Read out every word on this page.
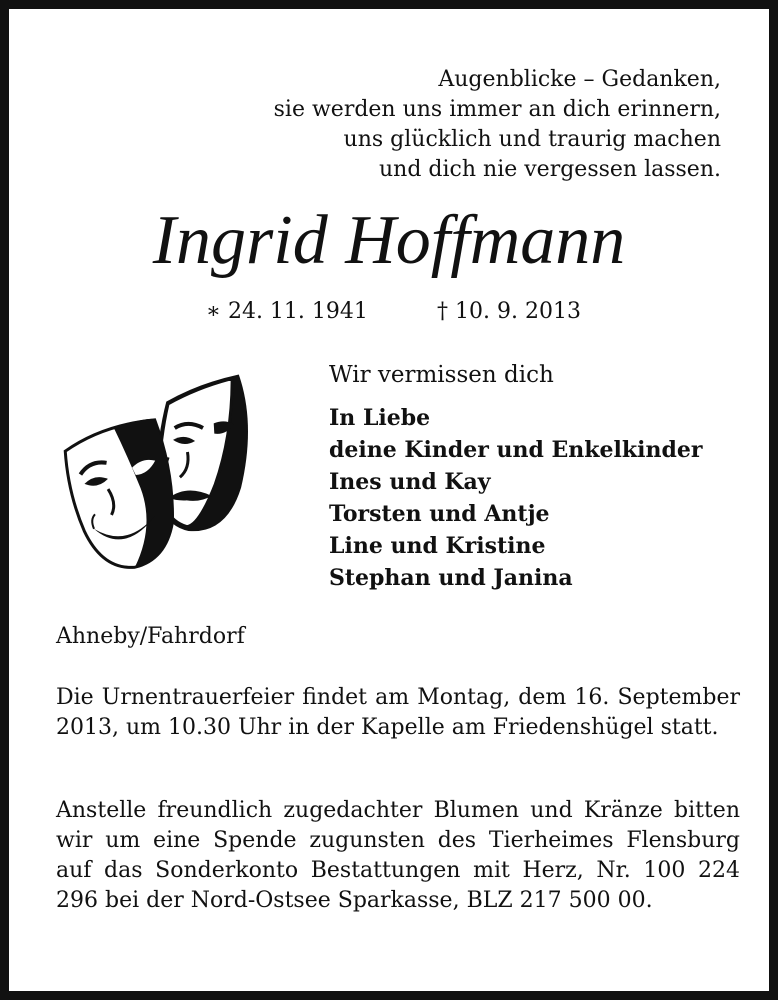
Augenblicke – Gedanken,
sie werden uns immer an dich erinnern,
uns glücklich und traurig machen
und dich nie vergessen lassen.
Ingrid Hoffmann
∗ 24. 11. 1941	† 10. 9. 2013
Wir vermissen dich
In Liebe
deine Kinder und Enkelkinder
Ines und Kay
Torsten und Antje
Line und Kristine
Stephan und Janina
Ahneby/Fahrdorf
Die Urnentrauerfeier findet am Montag, dem 16. September 2013, um 10.30 Uhr in der Kapelle am Friedenshügel statt.
Anstelle freundlich zugedachter Blumen und Kränze bitten wir um eine Spende zugunsten des Tierheimes Flensburg auf das Sonderkonto Bestattungen mit Herz, Nr. 100 224 296 bei der Nord-Ostsee Sparkasse, BLZ 217 500 00.
